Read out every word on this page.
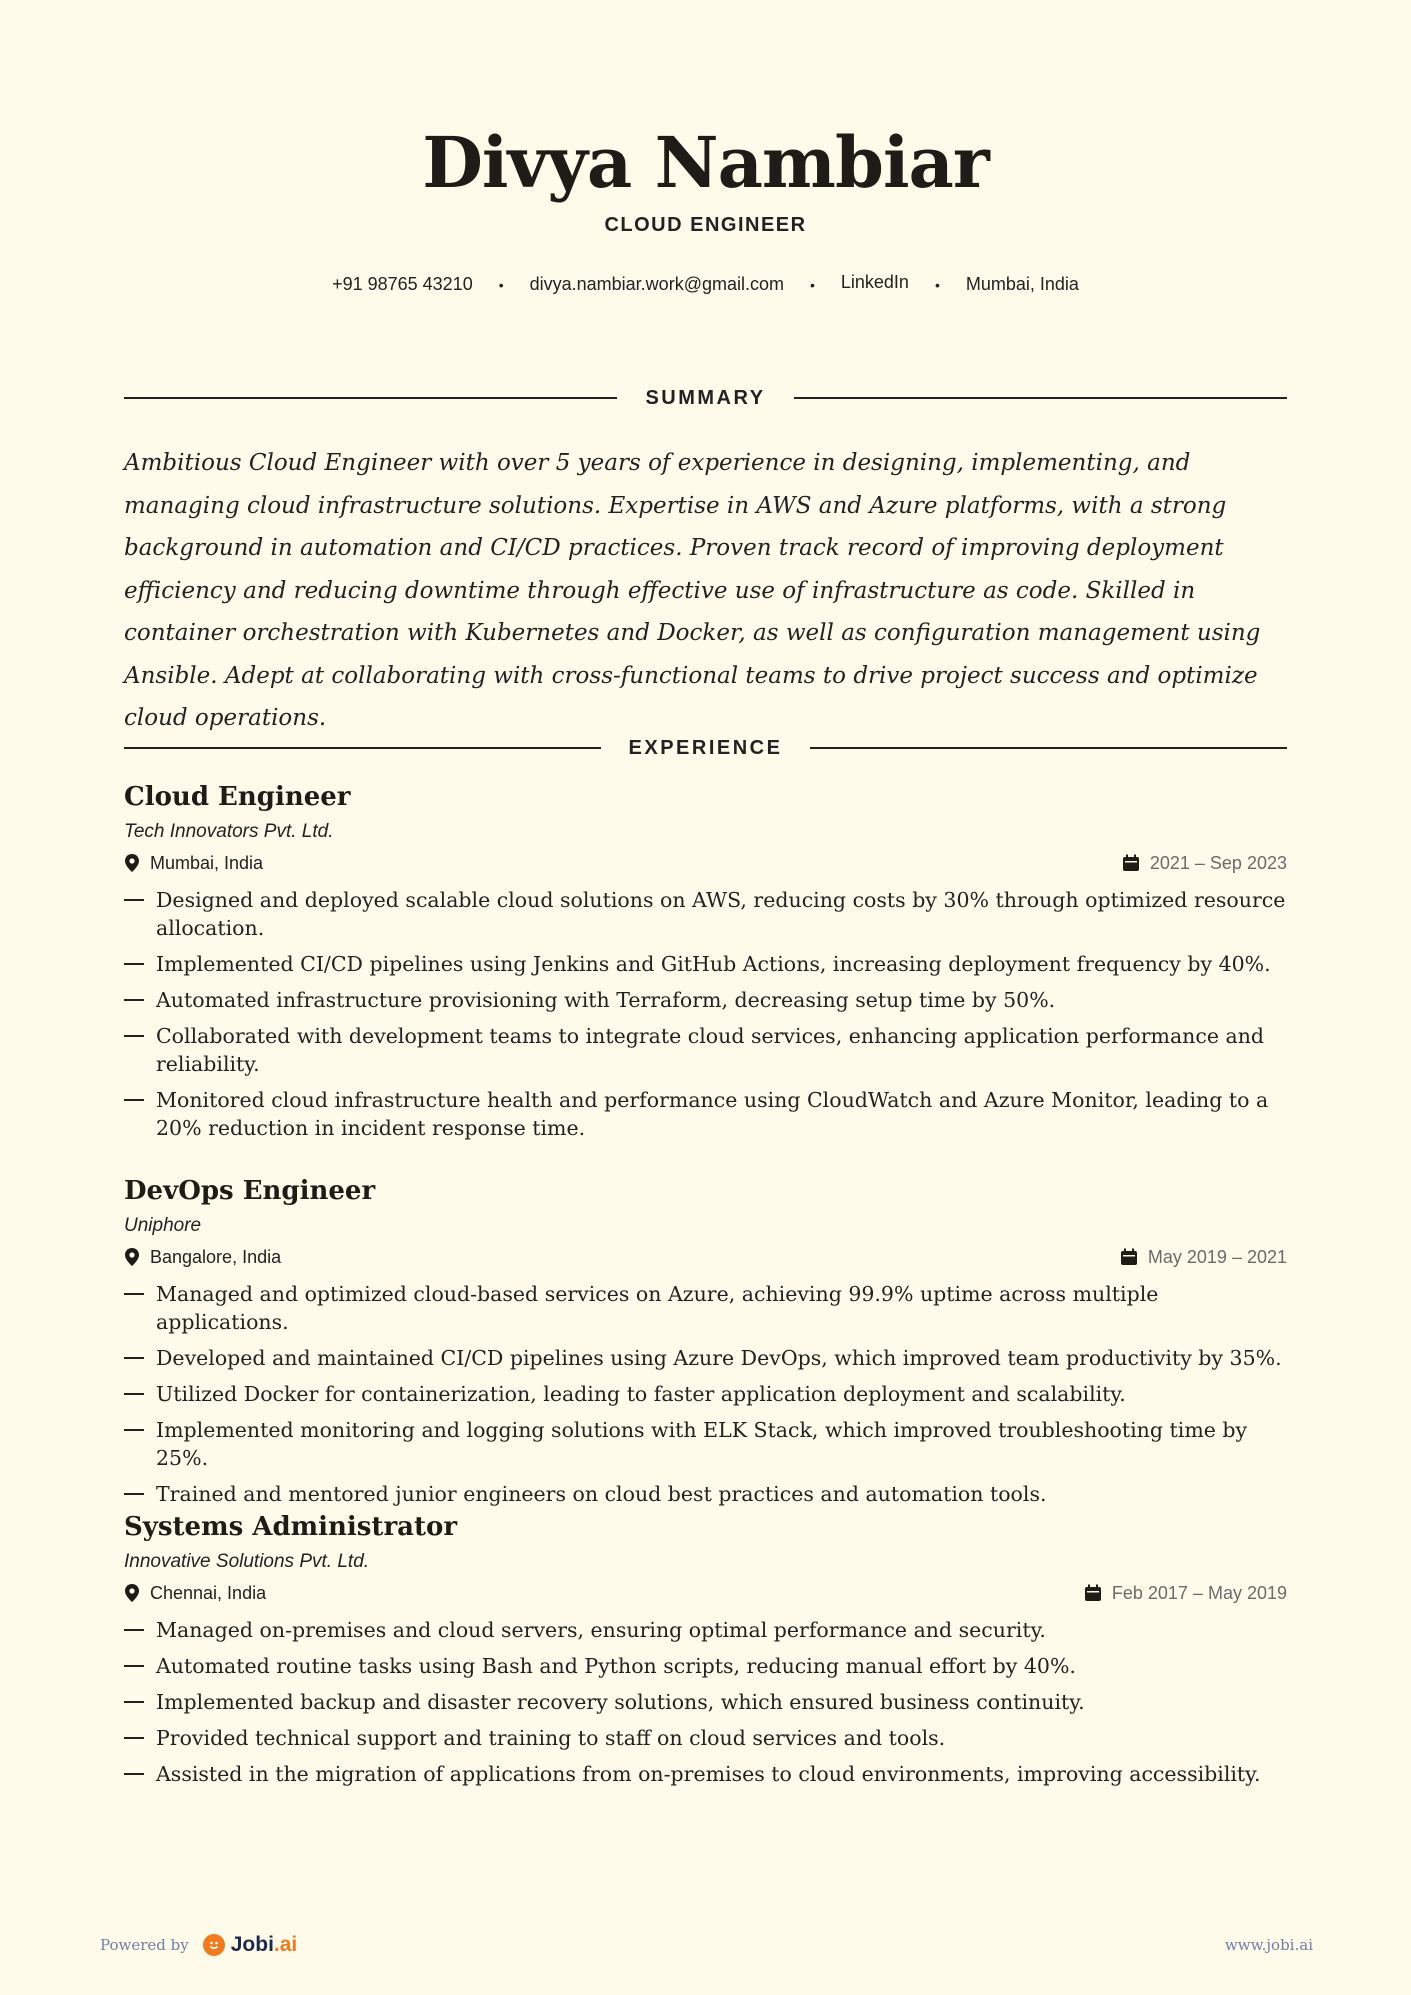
Divya Nambiar
CLOUD ENGINEER
+91 98765 43210 • divya.nambiar.work@gmail.com • LinkedIn • Mumbai, India
SUMMARY

Ambitious Cloud Engineer with over 5 years of experience in designing, implementing, and managing cloud infrastructure solutions. Expertise in AWS and Azure platforms, with a strong background in automation and CI/CD practices. Proven track record of improving deployment efficiency and reducing downtime through effective use of infrastructure as code. Skilled in container orchestration with Kubernetes and Docker, as well as configuration management using Ansible. Adept at collaborating with cross-functional teams to drive project success and optimize cloud operations.

EXPERIENCE
Cloud Engineer
Tech Innovators Pvt. Ltd.
Mumbai, India	2021 – Sep 2023
Designed and deployed scalable cloud solutions on AWS, reducing costs by 30% through optimized resource allocation.
Implemented CI/CD pipelines using Jenkins and GitHub Actions, increasing deployment frequency by 40%.
Automated infrastructure provisioning with Terraform, decreasing setup time by 50%.
Collaborated with development teams to integrate cloud services, enhancing application performance and reliability.
Monitored cloud infrastructure health and performance using CloudWatch and Azure Monitor, leading to a 20% reduction in incident response time.
DevOps Engineer
Uniphore
Bangalore, India	May 2019 – 2021
Managed and optimized cloud-based services on Azure, achieving 99.9% uptime across multiple applications.
Developed and maintained CI/CD pipelines using Azure DevOps, which improved team productivity by 35%.
Utilized Docker for containerization, leading to faster application deployment and scalability.
Implemented monitoring and logging solutions with ELK Stack, which improved troubleshooting time by 25%.
Trained and mentored junior engineers on cloud best practices and automation tools.
Systems Administrator
Innovative Solutions Pvt. Ltd.
Chennai, India	Feb 2017 – May 2019
Managed on-premises and cloud servers, ensuring optimal performance and security.
Automated routine tasks using Bash and Python scripts, reducing manual effort by 40%.
Implemented backup and disaster recovery solutions, which ensured business continuity.
Provided technical support and training to staff on cloud services and tools.
Assisted in the migration of applications from on-premises to cloud environments, improving accessibility.
Powered by Jobi.ai	www.jobi.ai
